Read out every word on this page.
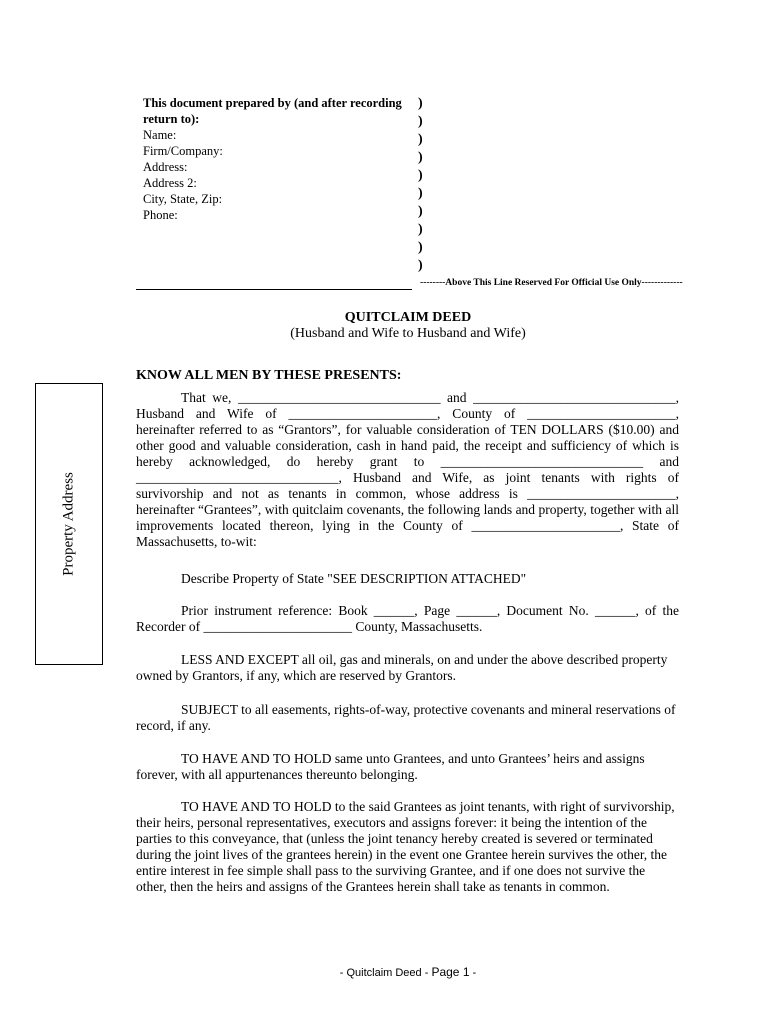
This document prepared by (and after recording
return to):
Name:
Firm/Company:
Address:
Address 2:
City, State, Zip:
Phone:
)
)
)
)
)
)
)
)
)
)
--------Above This Line Reserved For Official Use Only-------------
QUITCLAIM DEED
(Husband and Wife to Husband and Wife)
KNOW ALL MEN BY THESE PRESENTS:
Property Address
That we, ______________________________ and ______________________________, Husband and Wife of ______________________, County of ______________________, hereinafter referred to as “Grantors”, for valuable consideration of TEN DOLLARS ($10.00) and other good and valuable consideration, cash in hand paid, the receipt and sufficiency of which is hereby acknowledged, do hereby grant to ______________________________ and ______________________________, Husband and Wife, as joint tenants with rights of survivorship and not as tenants in common, whose address is ______________________, hereinafter “Grantees”, with quitclaim covenants, the following lands and property, together with all improvements located thereon, lying in the County of ______________________, State of Massachusetts, to-wit:
Describe Property of State "SEE DESCRIPTION ATTACHED"
Prior instrument reference: Book ______, Page ______, Document No. ______, of the Recorder of ______________________ County, Massachusetts.
LESS AND EXCEPT all oil, gas and minerals, on and under the above described property owned by Grantors, if any, which are reserved by Grantors.
SUBJECT to all easements, rights-of-way, protective covenants and mineral reservations of record, if any.
TO HAVE AND TO HOLD same unto Grantees, and unto Grantees’ heirs and assigns forever, with all appurtenances thereunto belonging.
TO HAVE AND TO HOLD to the said Grantees as joint tenants, with right of survivorship, their heirs, personal representatives, executors and assigns forever: it being the intention of the parties to this conveyance, that (unless the joint tenancy hereby created is severed or terminated during the joint lives of the grantees herein) in the event one Grantee herein survives the other, the entire interest in fee simple shall pass to the surviving Grantee, and if one does not survive the other, then the heirs and assigns of the Grantees herein shall take as tenants in common.
- Quitclaim Deed - Page 1 -
